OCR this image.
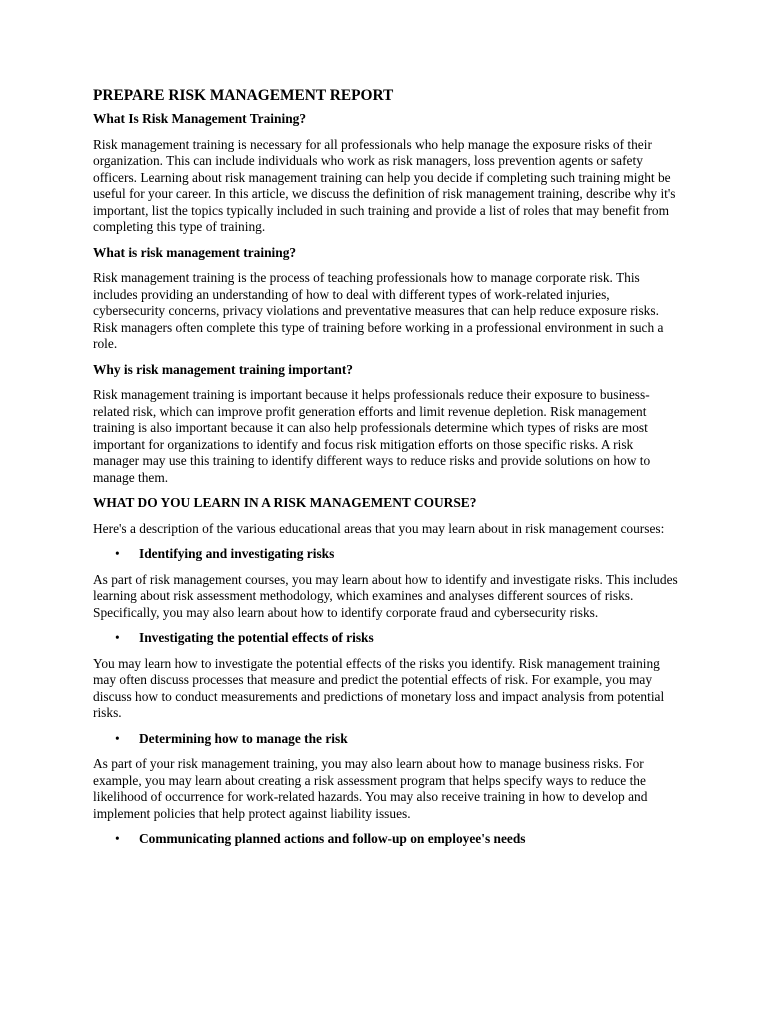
PREPARE RISK MANAGEMENT REPORT
What Is Risk Management Training?
Risk management training is necessary for all professionals who help manage the exposure risks of their organization. This can include individuals who work as risk managers, loss prevention agents or safety officers. Learning about risk management training can help you decide if completing such training might be useful for your career. In this article, we discuss the definition of risk management training, describe why it's important, list the topics typically included in such training and provide a list of roles that may benefit from completing this type of training.
What is risk management training?
Risk management training is the process of teaching professionals how to manage corporate risk. This includes providing an understanding of how to deal with different types of work-related injuries, cybersecurity concerns, privacy violations and preventative measures that can help reduce exposure risks. Risk managers often complete this type of training before working in a professional environment in such a role.
Why is risk management training important?
Risk management training is important because it helps professionals reduce their exposure to business-related risk, which can improve profit generation efforts and limit revenue depletion. Risk management training is also important because it can also help professionals determine which types of risks are most important for organizations to identify and focus risk mitigation efforts on those specific risks. A risk manager may use this training to identify different ways to reduce risks and provide solutions on how to manage them.
WHAT DO YOU LEARN IN A RISK MANAGEMENT COURSE?
Here's a description of the various educational areas that you may learn about in risk management courses:
• Identifying and investigating risks
As part of risk management courses, you may learn about how to identify and investigate risks. This includes learning about risk assessment methodology, which examines and analyses different sources of risks. Specifically, you may also learn about how to identify corporate fraud and cybersecurity risks.
• Investigating the potential effects of risks
You may learn how to investigate the potential effects of the risks you identify. Risk management training may often discuss processes that measure and predict the potential effects of risk. For example, you may discuss how to conduct measurements and predictions of monetary loss and impact analysis from potential risks.
• Determining how to manage the risk
As part of your risk management training, you may also learn about how to manage business risks. For example, you may learn about creating a risk assessment program that helps specify ways to reduce the likelihood of occurrence for work-related hazards. You may also receive training in how to develop and implement policies that help protect against liability issues.
• Communicating planned actions and follow-up on employee's needs
